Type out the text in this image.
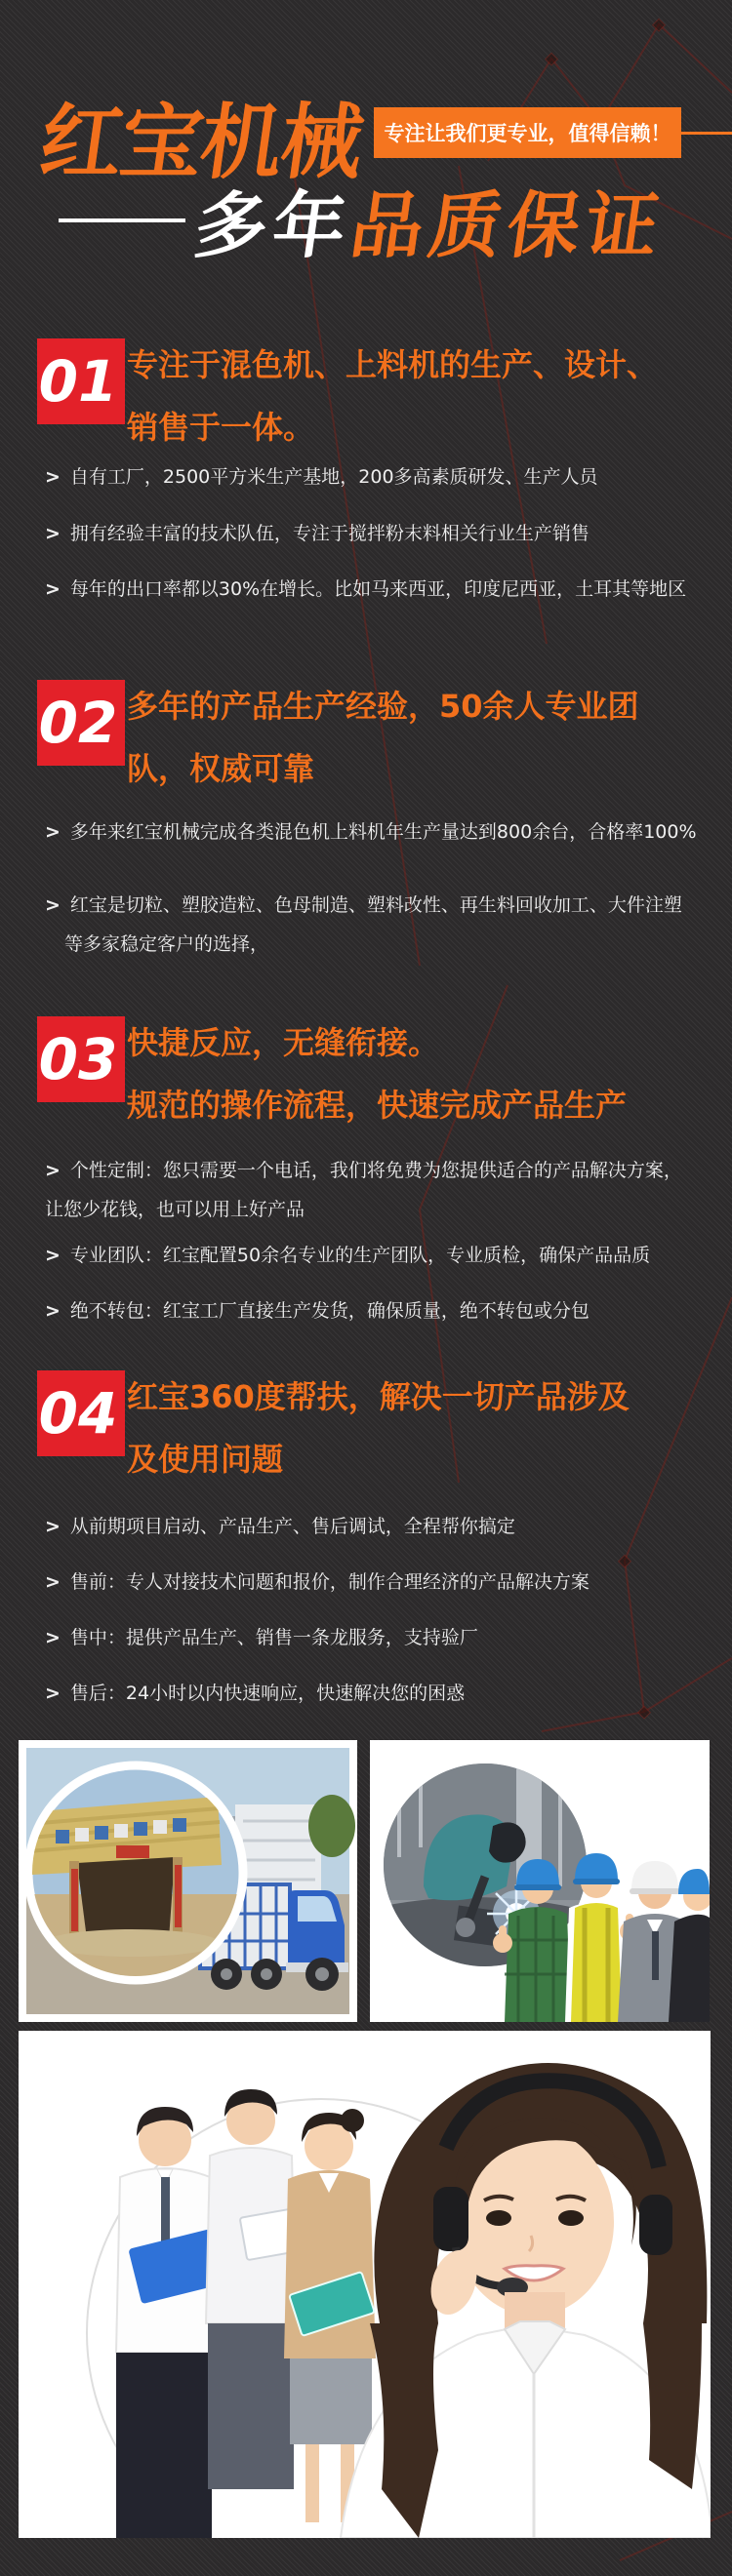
红宝机械 专注让我们更专业，值得信赖！
多年品质保证
01 专注于混色机、上料机的生产、设计、
销售于一体。
> 自有工厂，2500平方米生产基地，200多高素质研发、生产人员
> 拥有经验丰富的技术队伍，专注于搅拌粉末料相关行业生产销售
> 每年的出口率都以30%在增长。比如马来西亚，印度尼西亚，土耳其等地区
02 多年的产品生产经验，50余人专业团
队，权威可靠
> 多年来红宝机械完成各类混色机上料机年生产量达到800余台，合格率100%
> 红宝是切粒、塑胶造粒、色母制造、塑料改性、再生料回收加工、大件注塑
等多家稳定客户的选择，
03 快捷反应，无缝衔接。
规范的操作流程，快速完成产品生产
> 个性定制：您只需要一个电话，我们将免费为您提供适合的产品解决方案，
让您少花钱，也可以用上好产品
> 专业团队：红宝配置50余名专业的生产团队，专业质检，确保产品品质
> 绝不转包：红宝工厂直接生产发货，确保质量，绝不转包或分包
04 红宝360度帮扶，解决一切产品涉及
及使用问题
> 从前期项目启动、产品生产、售后调试，全程帮你搞定
> 售前：专人对接技术问题和报价，制作合理经济的产品解决方案
> 售中：提供产品生产、销售一条龙服务，支持验厂
> 售后：24小时以内快速响应，快速解决您的困惑
